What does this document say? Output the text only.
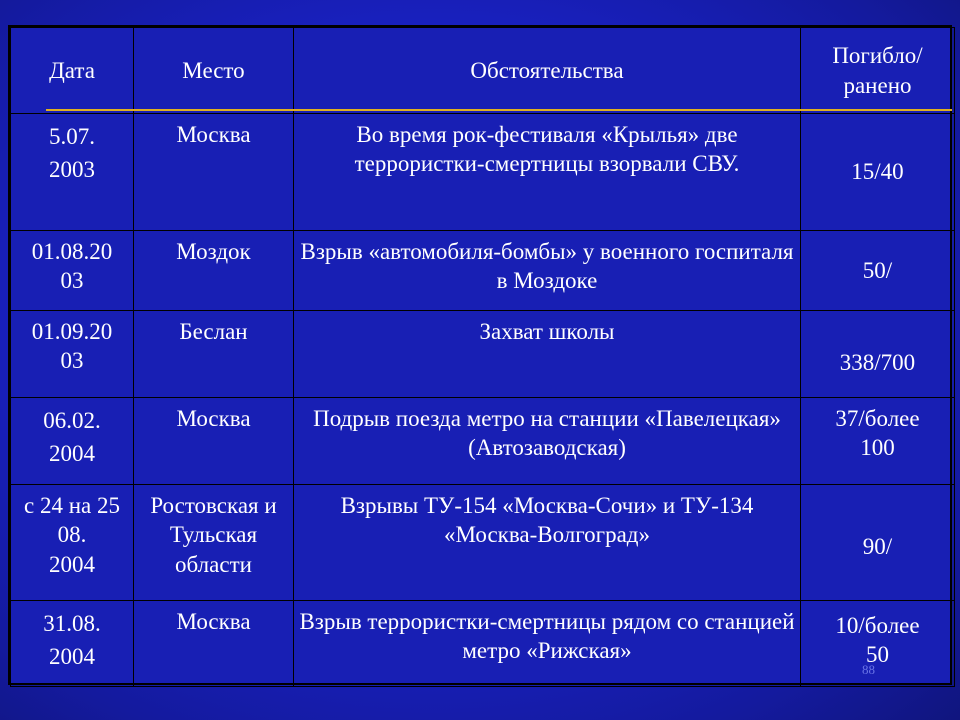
Дата	Место	Обстоятельства	Погибло/
ранено

5.07.
2003	Москва	Во время рок-фестиваля «Крылья» две террористки-смертницы взорвали СВУ.	15/40

01.08.20
03	Моздок	Взрыв «автомобиля-бомбы» у военного госпиталя в Моздоке	50/

01.09.20
03	Беслан	Захват школы	338/700

06.02.
2004	Москва	Подрыв поезда метро на станции «Павелецкая» (Автозаводская)	37/более
100

с 24 на 25 08.
2004	Ростовская и Тульская области	Взрывы ТУ-154 «Москва-Сочи» и ТУ-134 «Москва-Волгоград»	90/

31.08.
2004	Москва	Взрыв террористки-смертницы рядом со станцией метро «Рижская»	10/более
50
88
